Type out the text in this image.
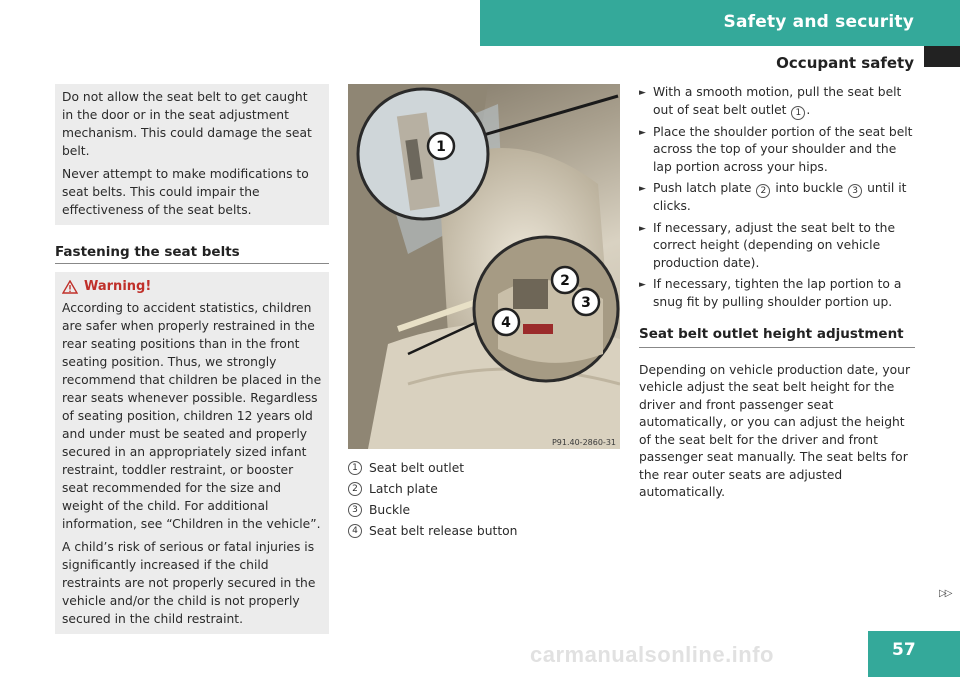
Safety and security
Occupant safety

Do not allow the seat belt to get caught in the door or in the seat adjustment mechanism. This could damage the seat belt.

Never attempt to make modifications to seat belts. This could impair the effectiveness of the seat belts.

Fastening the seat belts
Warning!

According to accident statistics, children are safer when properly restrained in the rear seating positions than in the front seating position. Thus, we strongly recommend that children be placed in the rear seats whenever possible. Regardless of seating position, children 12 years old and under must be seated and properly secured in an appropriately sized infant restraint, toddler restraint, or booster seat recommended for the size and weight of the child. For additional information, see “Children in the vehicle”.

A child’s risk of serious or fatal injuries is significantly increased if the child restraints are not properly secured in the vehicle and/or the child is not properly secured in the child restraint.

1
2
3
4
P91.40-2860-31
1 Seat belt outlet
2 Latch plate
3 Buckle
4 Seat belt release button
► With a smooth motion, pull the seat belt out of seat belt outlet 1 .
► Place the shoulder portion of the seat belt across the top of your shoulder and the lap portion across your hips.
► Push latch plate 2 into buckle 3 until it clicks.
► If necessary, adjust the seat belt to the correct height (depending on vehicle production date).
► If necessary, tighten the lap portion to a snug fit by pulling shoulder portion up.
Seat belt outlet height adjustment
Depending on vehicle production date, your vehicle adjust the seat belt height for the driver and front passenger seat automatically, or you can adjust the height of the seat belt for the driver and front passenger seat manually. The seat belts for the rear outer seats are adjusted automatically.
▷▷
carmanualsonline.info	57
